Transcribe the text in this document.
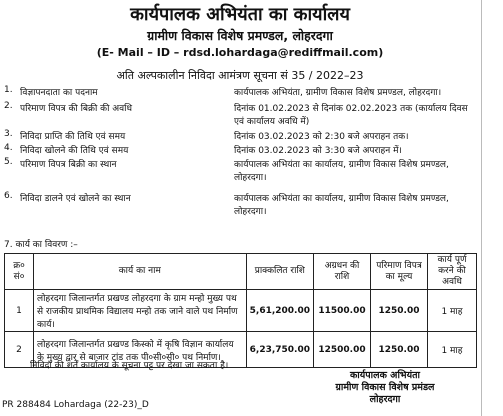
कार्यपालक अभियंता का कार्यालय
ग्रामीण विकास विशेष प्रमण्डल, लोहरदगा
(E- Mail – ID – rdsd.lohardaga@rediffmail.com)
अति अल्पकालीन निविदा आमंत्रण सूचना सं 35 / 2022–23
1. विज्ञापनदाता का पदनाम	कार्यपालक अभियंता, ग्रामीण विकास विशेष प्रमण्डल, लोहरदगा।
2. परिमाण विपत्र की बिक्री की अवधि	दिनांक 01.02.2023 से दिनांक 02.02.2023 तक (कार्यालय दिवस एवं कार्यालय अवधि में)
3. निविदा प्राप्ति की तिथि एवं समय	दिनांक 03.02.2023 को 2:30 बजे अपराहन तक।
4. निविदा खोलने की तिथि एवं समय	दिनांक 03.02.2023 को 3:30 बजे अपराहन में।
5. परिमाण विपत्र बिक्री का स्थान	कार्यपालक अभियंता का कार्यालय, ग्रामीण विकास विशेष प्रमण्डल, लोहरदगा।
6. निविदा डालने एवं खोलने का स्थान	कार्यपालक अभियंता का कार्यालय, ग्रामीण विकास विशेष प्रमण्डल, लोहरदगा।
7. कार्य का विवरण :–
क्र० सं०	कार्य का नाम	प्राक्कलित राशि	अग्रधन की राशि	परिमाण विपत्र का मूल्य	कार्य पूर्ण करने की अवधि
1	लोहरदगा जिलान्तर्गत प्रखण्ड लोहरदगा के ग्राम मन्हो मुख्य पथ से राजकीय प्राथमिक विद्यालय मन्हो तक जाने वाले पथ निर्माण कार्य।	5,61,200.00	11500.00	1250.00	1 माह
2	लोहरदगा जिलान्तर्गत प्रखण्ड किस्को में कृषि विज्ञान कार्यालय के मुख्य द्वार से बाजार टांड तक पी०सी०सी० पथ निर्माण।	6,23,750.00	12500.00	1250.00	1 माह
निविदा की शर्तें कार्यालय के सूचना पट्ट पर देखा जा सकता है।
कार्यपालक अभियंता
ग्रामीण विकास विशेष प्रमंडल
लोहरदगा
PR 288484 Lohardaga (22-23)_D
